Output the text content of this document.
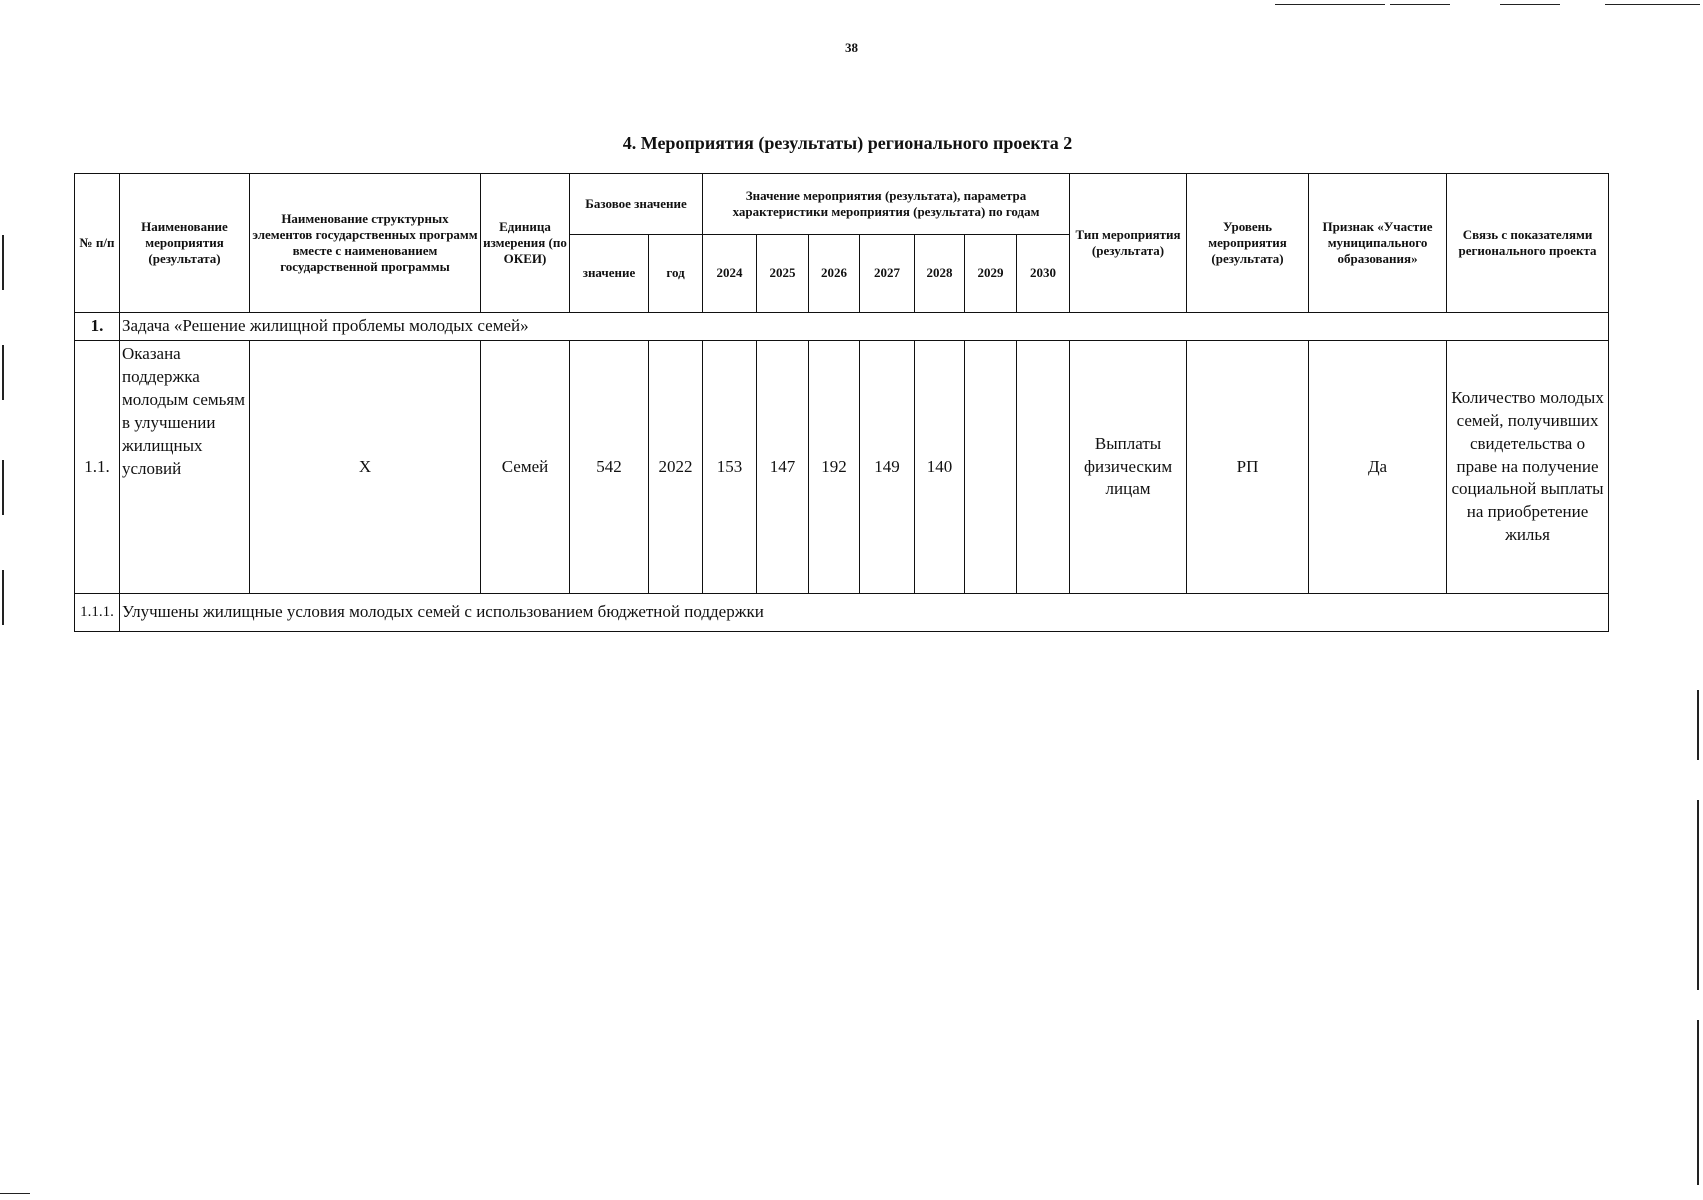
38
4. Мероприятия (результаты) регионального проекта 2
№ п/п	Наименование мероприятия (результата)	Наименование структурных элементов государственных программ вместе с наименованием государственной программы	Единица измерения (по ОКЕИ)	Базовое значение		Значение мероприятия (результата), параметра характеристики мероприятия (результата) по годам							Тип мероприятия (результата)	Уровень мероприятия (результата)	Признак «Участие муниципального образования»	Связь с показателями регионального проекта
				значение	год	2024	2025	2026	2027	2028	2029	2030				
1.	Задача «Решение жилищной проблемы молодых семей»															
1.1.	Оказана поддержка молодым семьям в улучшении жилищных условий	Х	Семей	542	2022	153	147	192	149	140			Выплаты физическим лицам	РП	Да	Количество молодых семей, получивших свидетельства о праве на получение социальной выплаты на приобретение жилья
1.1.1.	Улучшены жилищные условия молодых семей с использованием бюджетной поддержки															
